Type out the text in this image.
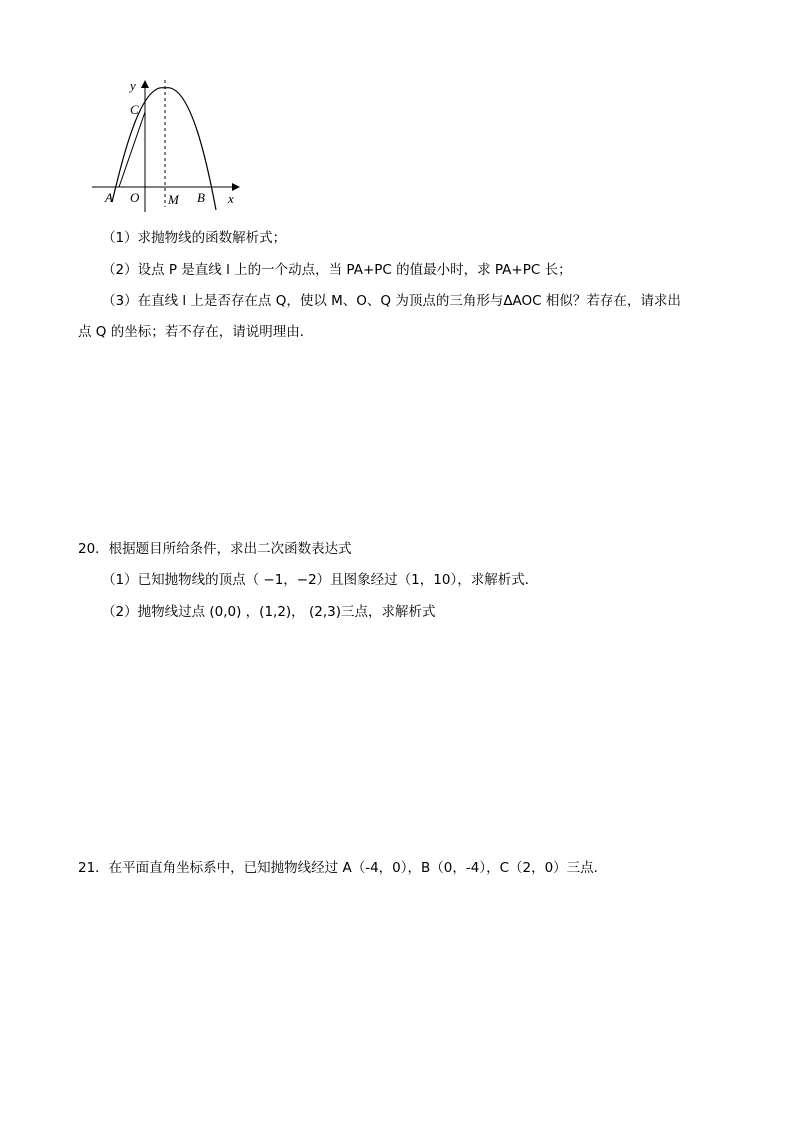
y
x
C
A O M B
（1）求抛物线的函数解析式；
（2）设点 P 是直线 l 上的一个动点，当 PA+PC 的值最小时，求 PA+PC 长；
（3）在直线 l 上是否存在点 Q，使以 M、O、Q 为顶点的三角形与ΔAOC 相似？若存在，请求出
点 Q 的坐标；若不存在，请说明理由．
20．根据题目所给条件，求出二次函数表达式
（1）已知抛物线的顶点（ −1，−2）且图象经过（1，10），求解析式．
（2）抛物线过点 (0,0) ，(1,2)， (2,3)三点，求解析式
21．在平面直角坐标系中，已知抛物线经过 A（-4，0），B（0，-4），C（2，0）三点．
